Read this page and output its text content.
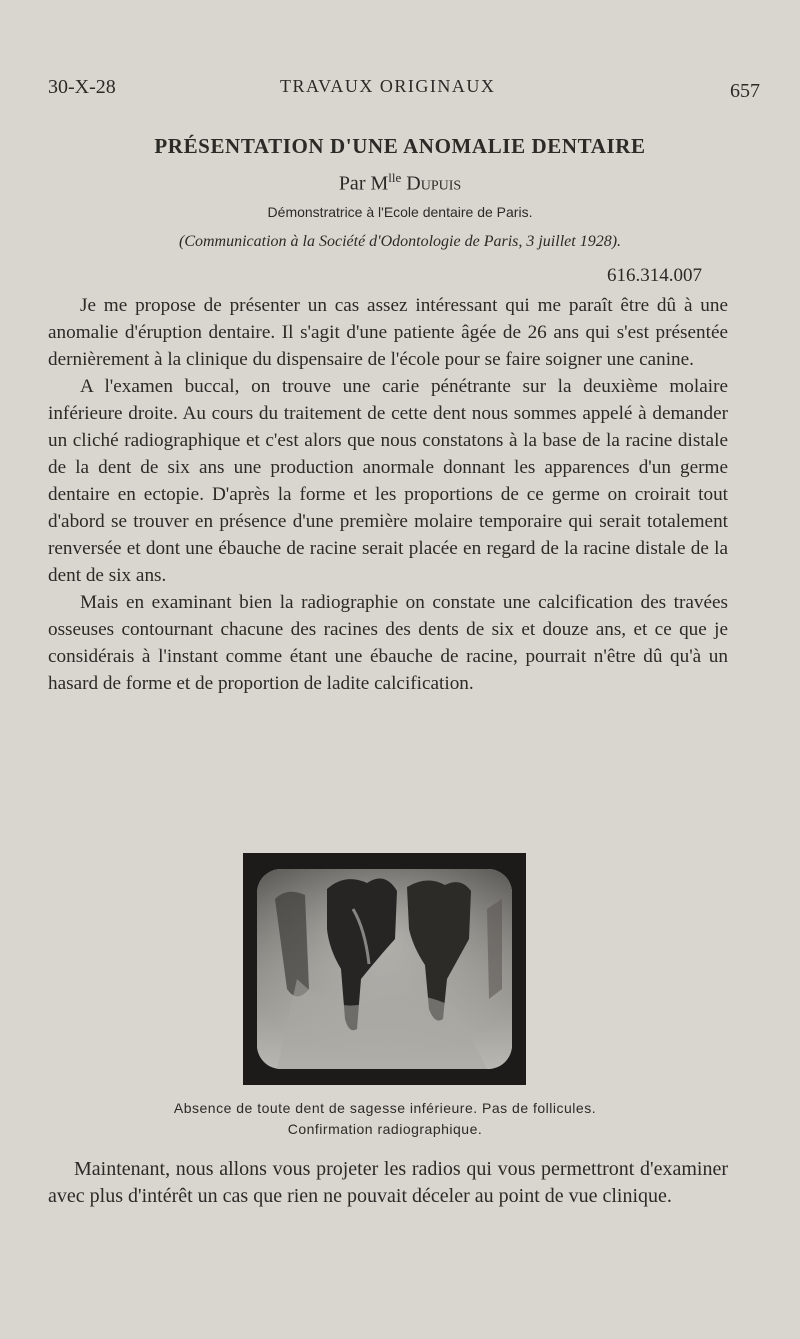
30-X-28	TRAVAUX ORIGINAUX	657
PRÉSENTATION D'UNE ANOMALIE DENTAIRE
Par $M^{lle}$ Dupuis
Démonstratrice à l'Ecole dentaire de Paris.
(Communication à la Société d'Odontologie de Paris, 3 juillet 1928).
616.314.007

Je me propose de présenter un cas assez intéressant qui me paraît être dû à une anomalie d'éruption dentaire. Il s'agit d'une patiente âgée de 26 ans qui s'est présentée dernièrement à la clinique du dispensaire de l'école pour se faire soigner une canine.

A l'examen buccal, on trouve une carie pénétrante sur la deuxième molaire inférieure droite. Au cours du traitement de cette dent nous sommes appelé à demander un cliché radiographique et c'est alors que nous constatons à la base de la racine distale de la dent de six ans une production anormale donnant les apparences d'un germe dentaire en ectopie. D'après la forme et les proportions de ce germe on croirait tout d'abord se trouver en présence d'une première molaire temporaire qui serait totalement renversée et dont une ébauche de racine serait placée en regard de la racine distale de la dent de six ans.

Mais en examinant bien la radiographie on constate une calcification des travées osseuses contournant chacune des racines des dents de six et douze ans, et ce que je considérais à l'instant comme étant une ébauche de racine, pourrait n'être dû qu'à un hasard de forme et de proportion de ladite calcification.

Absence de toute dent de sagesse inférieure. Pas de follicules.
Confirmation radiographique.

Maintenant, nous allons vous projeter les radios qui vous permettront d'examiner avec plus d'intérêt un cas que rien ne pouvait déceler au point de vue clinique.
